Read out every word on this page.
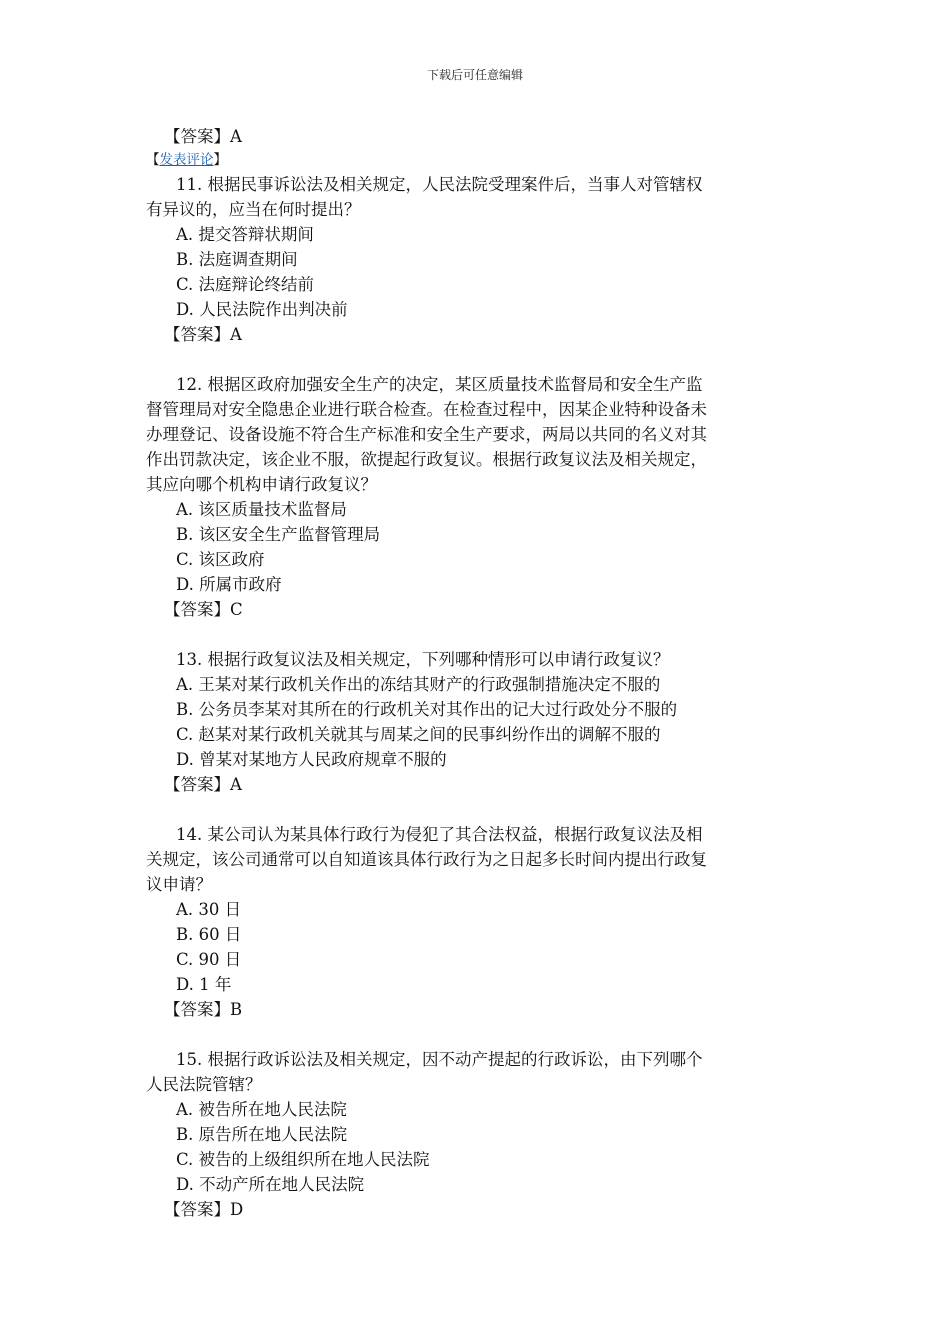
下载后可任意编辑
【答案】A
【发表评论】
11. 根据民事诉讼法及相关规定，人民法院受理案件后，当事人对管辖权
有异议的，应当在何时提出？
A. 提交答辩状期间
B. 法庭调查期间
C. 法庭辩论终结前
D. 人民法院作出判决前
【答案】A
12. 根据区政府加强安全生产的决定，某区质量技术监督局和安全生产监
督管理局对安全隐患企业进行联合检查。在检查过程中，因某企业特种设备未
办理登记、设备设施不符合生产标准和安全生产要求，两局以共同的名义对其
作出罚款决定，该企业不服，欲提起行政复议。根据行政复议法及相关规定，
其应向哪个机构申请行政复议？
A. 该区质量技术监督局
B. 该区安全生产监督管理局
C. 该区政府
D. 所属市政府
【答案】C
13. 根据行政复议法及相关规定，下列哪种情形可以申请行政复议？
A. 王某对某行政机关作出的冻结其财产的行政强制措施决定不服的
B. 公务员李某对其所在的行政机关对其作出的记大过行政处分不服的
C. 赵某对某行政机关就其与周某之间的民事纠纷作出的调解不服的
D. 曾某对某地方人民政府规章不服的
【答案】A
14. 某公司认为某具体行政行为侵犯了其合法权益，根据行政复议法及相
关规定，该公司通常可以自知道该具体行政行为之日起多长时间内提出行政复
议申请？
A. 30 日
B. 60 日
C. 90 日
D. 1 年
【答案】B
15. 根据行政诉讼法及相关规定，因不动产提起的行政诉讼，由下列哪个
人民法院管辖？
A. 被告所在地人民法院
B. 原告所在地人民法院
C. 被告的上级组织所在地人民法院
D. 不动产所在地人民法院
【答案】D
